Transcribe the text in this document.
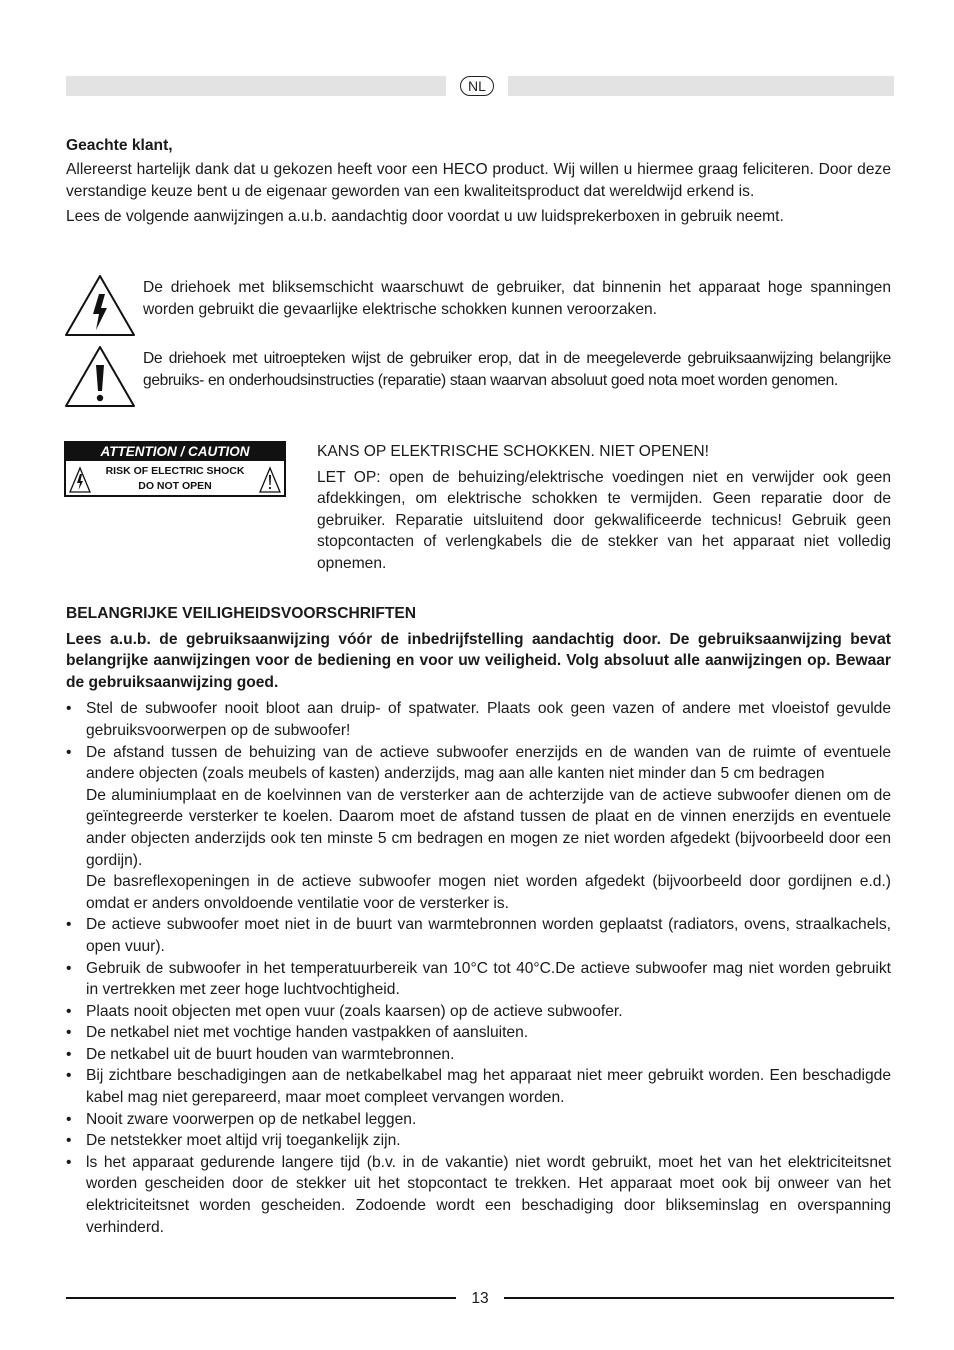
NL

Geachte klant,

Allereerst hartelijk dank dat u gekozen heeft voor een HECO product. Wij willen u hiermee graag feliciteren. Door deze verstandige keuze bent u de eigenaar geworden van een kwaliteitsproduct dat wereldwijd erkend is.

Lees de volgende aanwijzingen a.u.b. aandachtig door voordat u uw luidsprekerboxen in gebruik neemt.

De driehoek met bliksemschicht waarschuwt de gebruiker, dat binnenin het apparaat hoge spanningen worden gebruikt die gevaarlijke elektrische schokken kunnen veroorzaken.

De driehoek met uitroepteken wijst de gebruiker erop, dat in de meegeleverde gebruiksaanwijzing belangrijke gebruiks- en onderhoudsinstructies (reparatie) staan waarvan absoluut goed nota moet worden genomen.

ATTENTION / CAUTION
RISK OF ELECTRIC SHOCK
DO NOT OPEN

KANS OP ELEKTRISCHE SCHOKKEN. NIET OPENEN!

LET OP: open de behuizing/elektrische voedingen niet en verwijder ook geen afdekkingen, om elektrische schokken te vermijden. Geen reparatie door de gebruiker. Reparatie uitsluitend door gekwalificeerde technicus! Gebruik geen stopcontacten of verlengkabels die de stekker van het apparaat niet volledig opnemen.

BELANGRIJKE VEILIGHEIDSVOORSCHRIFTEN

Lees a.u.b. de gebruiksaanwijzing vóór de inbedrijfstelling aandachtig door. De gebruiksaanwijzing bevat belangrijke aanwijzingen voor de bediening en voor uw veiligheid. Volg absoluut alle aanwijzingen op. Bewaar de gebruiksaanwijzing goed.

• Stel de subwoofer nooit bloot aan druip- of spatwater. Plaats ook geen vazen of andere met vloeistof gevulde gebruiksvoorwerpen op de subwoofer!

• De afstand tussen de behuizing van de actieve subwoofer enerzijds en de wanden van de ruimte of eventuele andere objecten (zoals meubels of kasten) anderzijds, mag aan alle kanten niet minder dan 5 cm bedragen

De aluminiumplaat en de koelvinnen van de versterker aan de achterzijde van de actieve subwoofer dienen om de geïntegreerde versterker te koelen. Daarom moet de afstand tussen de plaat en de vinnen enerzijds en eventuele ander objecten anderzijds ook ten minste 5 cm bedragen en mogen ze niet worden afgedekt (bijvoorbeeld door een gordijn).

De basreflexopeningen in de actieve subwoofer mogen niet worden afgedekt (bijvoorbeeld door gordijnen e.d.) omdat er anders onvoldoende ventilatie voor de versterker is.

• De actieve subwoofer moet niet in de buurt van warmtebronnen worden geplaatst (radiators, ovens, straalkachels, open vuur).
• Gebruik de subwoofer in het temperatuurbereik van 10°C tot 40°C.De actieve subwoofer mag niet worden gebruikt in vertrekken met zeer hoge luchtvochtigheid.
• Plaats nooit objecten met open vuur (zoals kaarsen) op de actieve subwoofer.
• De netkabel niet met vochtige handen vastpakken of aansluiten.
• De netkabel uit de buurt houden van warmtebronnen.
• Bij zichtbare beschadigingen aan de netkabelkabel mag het apparaat niet meer gebruikt worden. Een beschadigde kabel mag niet gerepareerd, maar moet compleet vervangen worden.
• Nooit zware voorwerpen op de netkabel leggen.
• De netstekker moet altijd vrij toegankelijk zijn.
• ls het apparaat gedurende langere tijd (b.v. in de vakantie) niet wordt gebruikt, moet het van het elektriciteitsnet worden gescheiden door de stekker uit het stopcontact te trekken. Het apparaat moet ook bij onweer van het elektriciteitsnet worden gescheiden. Zodoende wordt een beschadiging door blikseminslag en overspanning verhinderd.
13
